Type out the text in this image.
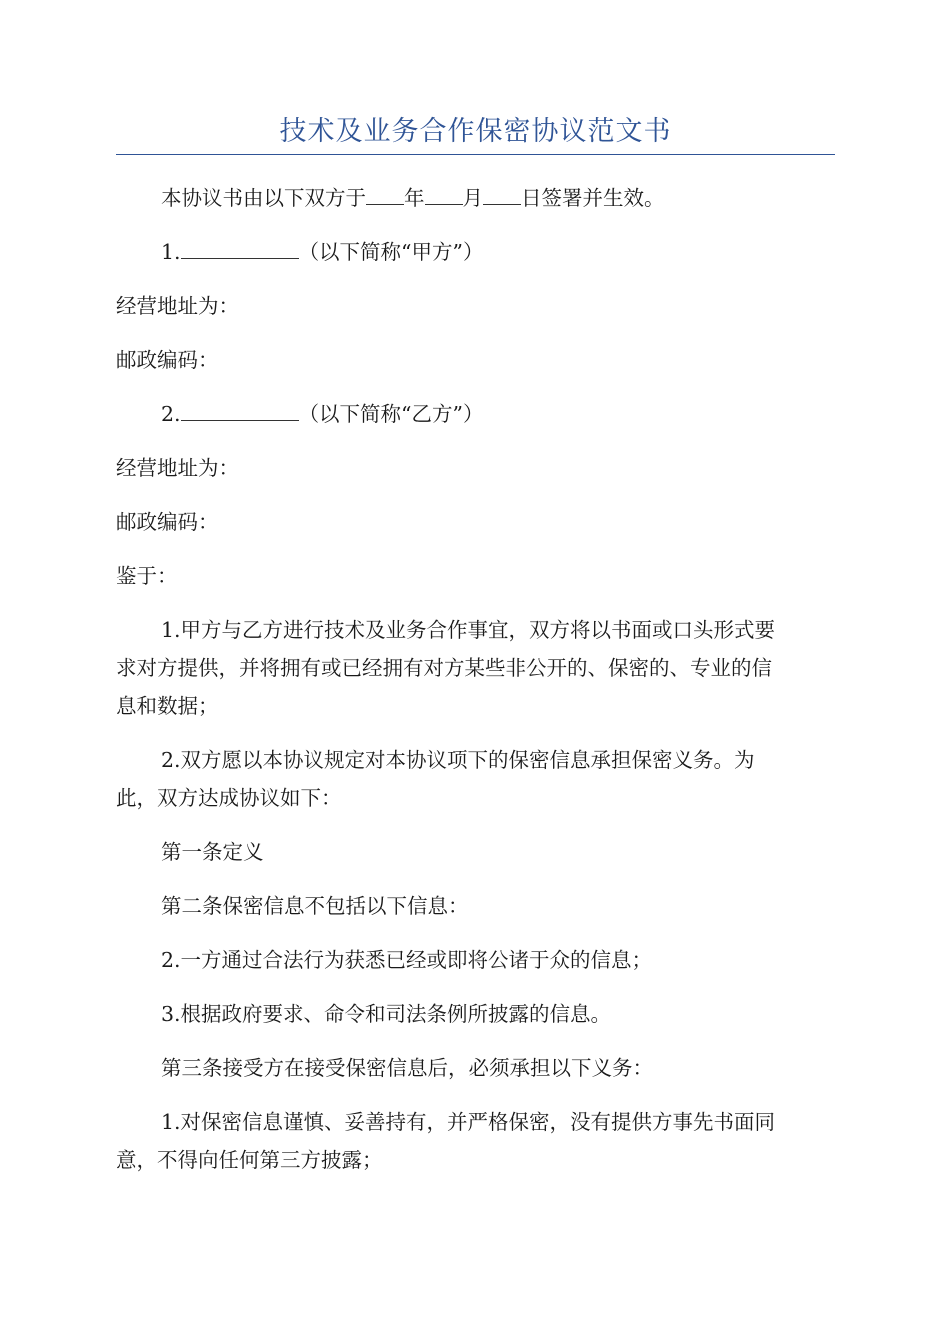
技术及业务合作保密协议范文书

本协议书由以下双方于 年 月 日签署并生效。

1.	（以下简称“甲方”）

经营地址为：

邮政编码：

2.	（以下简称“乙方”）

经营地址为：

邮政编码：

鉴于：

1.甲方与乙方进行技术及业务合作事宜，双方将以书面或口头形式要

求对方提供，并将拥有或已经拥有对方某些非公开的、保密的、专业的信

息和数据；

2.双方愿以本协议规定对本协议项下的保密信息承担保密义务。为

此，双方达成协议如下：

第一条定义

第二条保密信息不包括以下信息：

2.一方通过合法行为获悉已经或即将公诸于众的信息；

3.根据政府要求、命令和司法条例所披露的信息。

第三条接受方在接受保密信息后，必须承担以下义务：

1.对保密信息谨慎、妥善持有，并严格保密，没有提供方事先书面同

意，不得向任何第三方披露；
